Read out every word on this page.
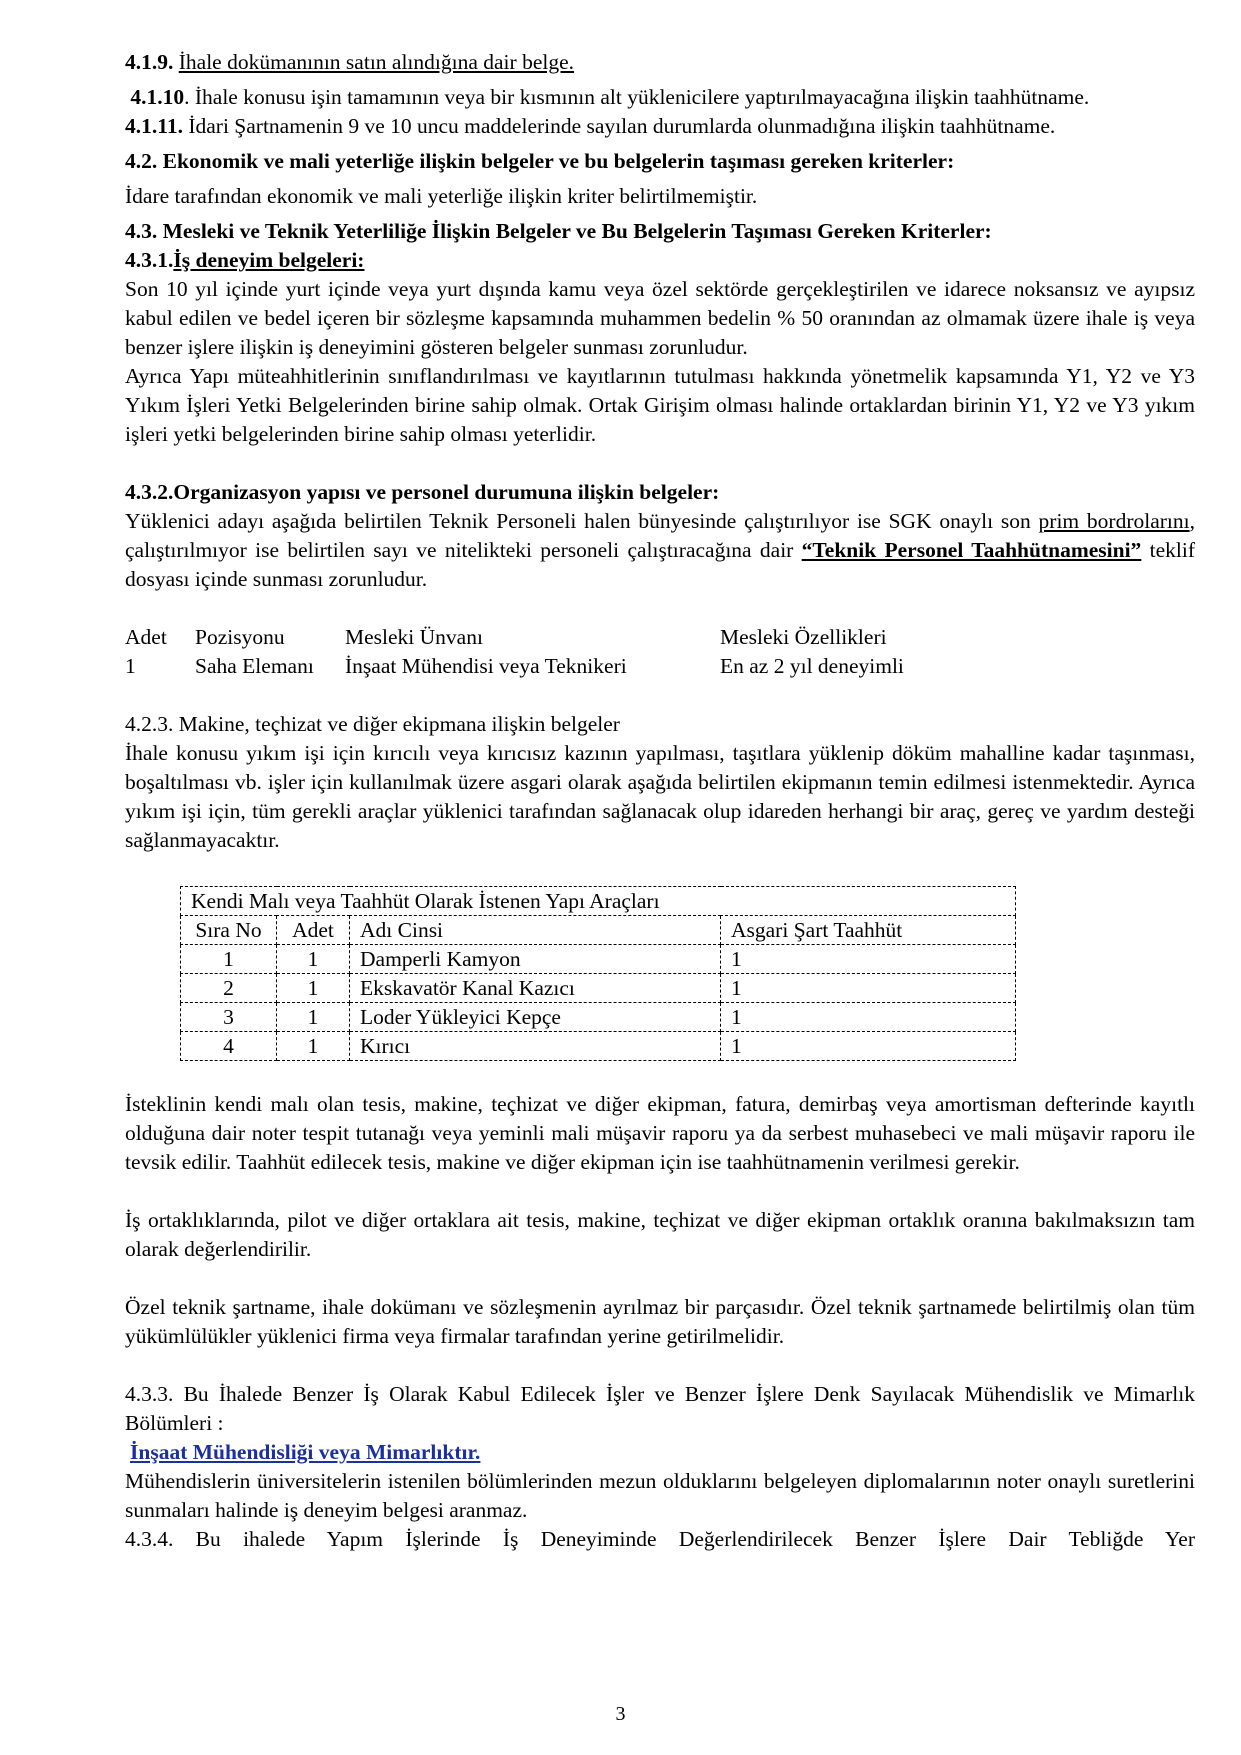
4.1.9. İhale dokümanının satın alındığına dair belge.

4.1.10. İhale konusu işin tamamının veya bir kısmının alt yüklenicilere yaptırılmayacağına ilişkin taahhütname.

4.1.11. İdari Şartnamenin 9 ve 10 uncu maddelerinde sayılan durumlarda olunmadığına ilişkin taahhütname.

4.2. Ekonomik ve mali yeterliğe ilişkin belgeler ve bu belgelerin taşıması gereken kriterler:

İdare tarafından ekonomik ve mali yeterliğe ilişkin kriter belirtilmemiştir.

4.3. Mesleki ve Teknik Yeterliliğe İlişkin Belgeler ve Bu Belgelerin Taşıması Gereken Kriterler:

4.3.1.İş deneyim belgeleri:

Son 10 yıl içinde yurt içinde veya yurt dışında kamu veya özel sektörde gerçekleştirilen ve idarece noksansız ve ayıpsız kabul edilen ve bedel içeren bir sözleşme kapsamında muhammen bedelin % 50 oranından az olmamak üzere ihale iş veya benzer işlere ilişkin iş deneyimini gösteren belgeler sunması zorunludur.

Ayrıca Yapı müteahhitlerinin sınıflandırılması ve kayıtlarının tutulması hakkında yönetmelik kapsamında Y1, Y2 ve Y3 Yıkım İşleri Yetki Belgelerinden birine sahip olmak. Ortak Girişim olması halinde ortaklardan birinin Y1, Y2 ve Y3 yıkım işleri yetki belgelerinden birine sahip olması yeterlidir.

4.3.2.Organizasyon yapısı ve personel durumuna ilişkin belgeler:

Yüklenici adayı aşağıda belirtilen Teknik Personeli halen bünyesinde çalıştırılıyor ise SGK onaylı son prim bordrolarını, çalıştırılmıyor ise belirtilen sayı ve nitelikteki personeli çalıştıracağına dair “Teknik Personel Taahhütnamesini” teklif dosyası içinde sunması zorunludur.

Adet	Pozisyonu	Mesleki Ünvanı	Mesleki Özellikleri
1	Saha Elemanı	İnşaat Mühendisi veya Teknikeri	En az 2 yıl deneyimli

4.2.3. Makine, teçhizat ve diğer ekipmana ilişkin belgeler

İhale konusu yıkım işi için kırıcılı veya kırıcısız kazının yapılması, taşıtlara yüklenip döküm mahalline kadar taşınması, boşaltılması vb. işler için kullanılmak üzere asgari olarak aşağıda belirtilen ekipmanın temin edilmesi istenmektedir. Ayrıca yıkım işi için, tüm gerekli araçlar yüklenici tarafından sağlanacak olup idareden herhangi bir araç, gereç ve yardım desteği sağlanmayacaktır.

Kendi Malı veya Taahhüt Olarak İstenen Yapı Araçları			
Sıra No	Adet	Adı Cinsi	Asgari Şart Taahhüt
1	1	Damperli Kamyon	1
2	1	Ekskavatör Kanal Kazıcı	1
3	1	Loder Yükleyici Kepçe	1
4	1	Kırıcı	1

İsteklinin kendi malı olan tesis, makine, teçhizat ve diğer ekipman, fatura, demirbaş veya amortisman defterinde kayıtlı olduğuna dair noter tespit tutanağı veya yeminli mali müşavir raporu ya da serbest muhasebeci ve mali müşavir raporu ile tevsik edilir. Taahhüt edilecek tesis, makine ve diğer ekipman için ise taahhütnamenin verilmesi gerekir.

İş ortaklıklarında, pilot ve diğer ortaklara ait tesis, makine, teçhizat ve diğer ekipman ortaklık oranına bakılmaksızın tam olarak değerlendirilir.

Özel teknik şartname, ihale dokümanı ve sözleşmenin ayrılmaz bir parçasıdır. Özel teknik şartnamede belirtilmiş olan tüm yükümlülükler yüklenici firma veya firmalar tarafından yerine getirilmelidir.

4.3.3. Bu İhalede Benzer İş Olarak Kabul Edilecek İşler ve Benzer İşlere Denk Sayılacak Mühendislik ve Mimarlık Bölümleri :

İnşaat Mühendisliği veya Mimarlıktır.

Mühendislerin üniversitelerin istenilen bölümlerinden mezun olduklarını belgeleyen diplomalarının noter onaylı suretlerini sunmaları halinde iş deneyim belgesi aranmaz.

4.3.4. Bu ihalede Yapım İşlerinde İş Deneyiminde Değerlendirilecek Benzer İşlere Dair Tebliğde Yer

3
